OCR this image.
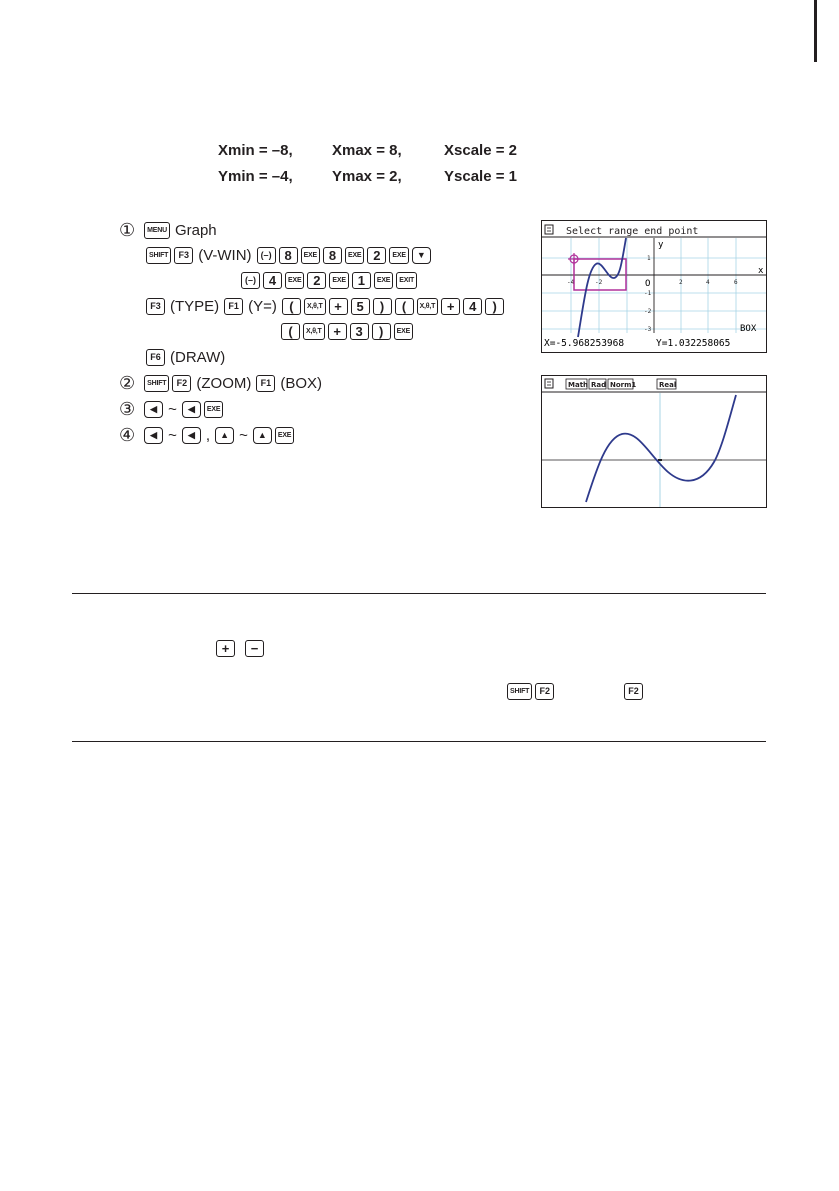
Xmin = –8,	Xmax = 8,	Xscale = 2
Ymin = –4,	Ymax = 2,	Yscale = 1
①	MENU Graph
SHIFT	F3 (V-WIN)	(–) 8	EXE 8	EXE 2	EXE	▼
(–) 4	EXE 2	EXE 1	EXE	EXIT
F3 (TYPE)	F1 (Y=) (	X,θ,T +	5	)	(	X,θ,T +	4	)
(	X,θ,T +	3	)	EXE
F6 (DRAW)
②	SHIFT	F2 (ZOOM)	F1 (BOX)
③	◀ ~	◀	EXE
④	◀ ~	◀ ,	▲ ~	▲	EXE
Select range end point
y
x
O
-4	-2	2	4	6
1
-1
-2
-3	BOX
X=-5.968253968	Y=1.032258065
Math Rad Norm1	Real
+	−
SHIFT	F2	F2
